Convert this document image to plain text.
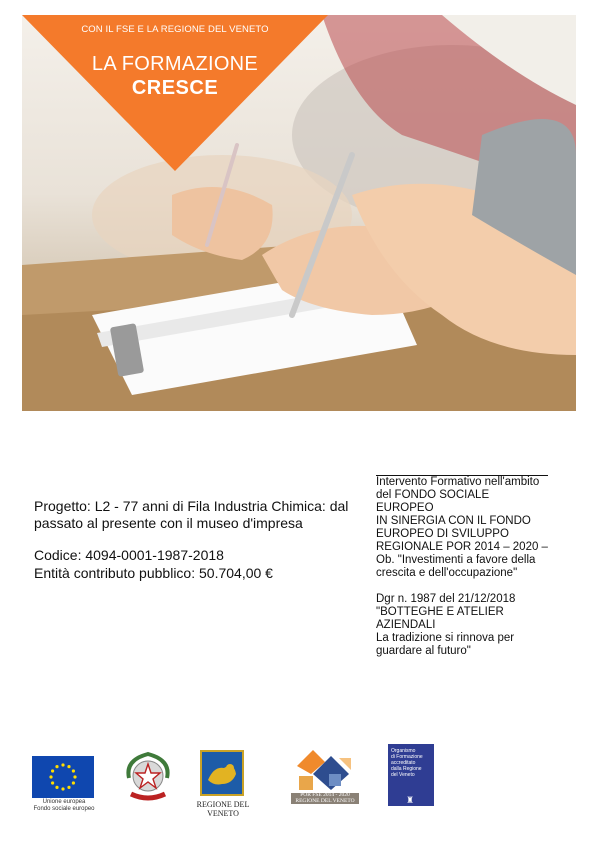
CON IL FSE E LA REGIONE DEL VENETO
LA FORMAZIONE
CRESCE

Progetto: L2 - 77 anni di Fila Industria Chimica: dal passato al presente con il museo d'impresa

Codice: 4094-0001-1987-2018
Entità contributo pubblico: 50.704,00 €

Intervento Formativo nell'ambito

del FONDO SOCIALE EUROPEO

IN SINERGIA CON IL FONDO

EUROPEO DI SVILUPPO

REGIONALE POR 2014 – 2020 –

Ob. "Investimenti a favore della

crescita e dell'occupazione"

Dgr n. 1987 del 21/12/2018

"BOTTEGHE E ATELIER

AZIENDALI

La tradizione si rinnova per

guardare al futuro"

Unione europea
Fondo sociale europeo	REGIONE DEL VENETO
POR FSE 2014 - 2020
REGIONE DEL VENETO
Organismo
di Formazione
accreditato
dalla Regione
del Veneto
♜
